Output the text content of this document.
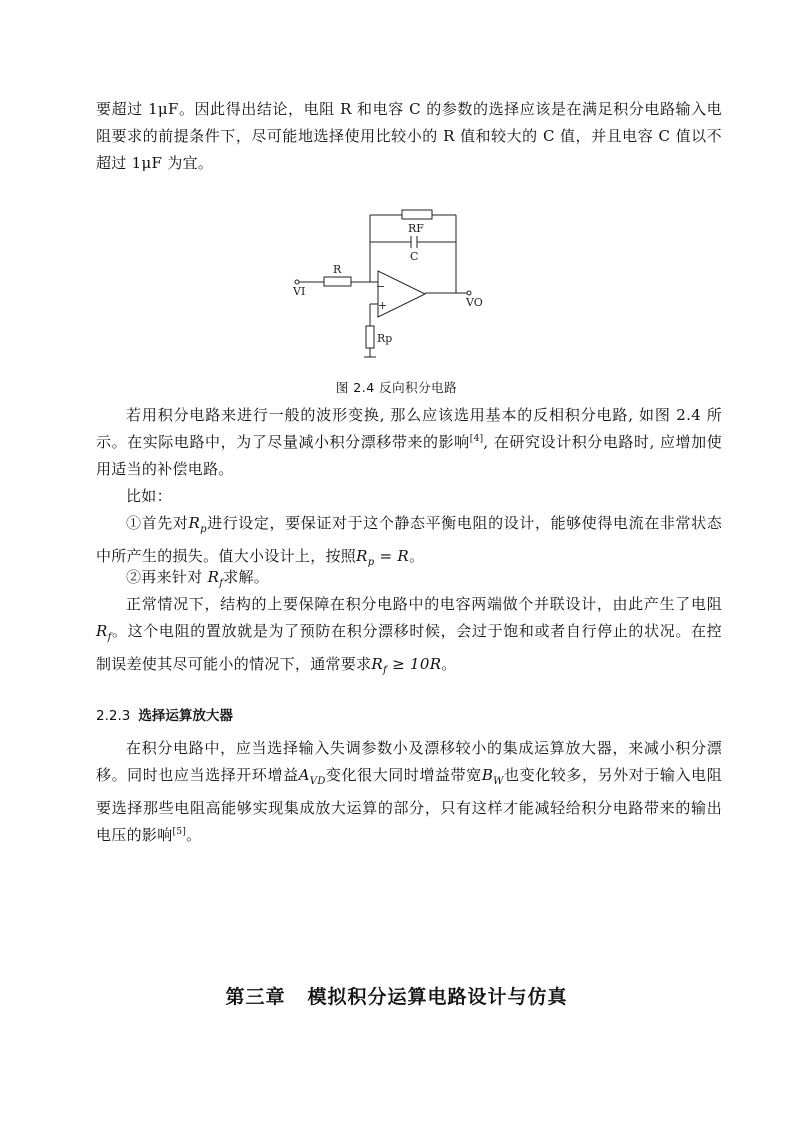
要超过 1μF。因此得出结论，电阻 R 和电容 C 的参数的选择应该是在满足积分电路输入电阻要求的前提条件下，尽可能地选择使用比较小的 R 值和较大的 C 值，并且电容 C 值以不超过 1μF 为宜。

RF
C
R
−
+
Rp
VI
VO
图 2.4 反向积分电路

若用积分电路来进行一般的波形变换, 那么应该选用基本的反相积分电路, 如图 2.4 所示。在实际电路中，为了尽量减小积分漂移带来的影响[4], 在研究设计积分电路时, 应增加使用适当的补偿电路。

比如：

①首先对$R_p$进行设定，要保证对于这个静态平衡电阻的设计，能够使得电流在非常状态中所产生的损失。值大小设计上，按照$R_p = R$。

②再来针对 $R_f$求解。

正常情况下，结构的上要保障在积分电路中的电容两端做个并联设计，由此产生了电阻$R_f$。这个电阻的置放就是为了预防在积分漂移时候，会过于饱和或者自行停止的状况。在控制误差使其尽可能小的情况下，通常要求$R_f \ge 10R$。

2.2.3 选择运算放大器

在积分电路中，应当选择输入失调参数小及漂移较小的集成运算放大器，来减小积分漂移。同时也应当选择开环增益$A_{VD}$变化很大同时增益带宽$B_W$也变化较多，另外对于输入电阻要选择那些电阻高能够实现集成放大运算的部分，只有这样才能减轻给积分电路带来的输出电压的影响[5]。

第三章 模拟积分运算电路设计与仿真
